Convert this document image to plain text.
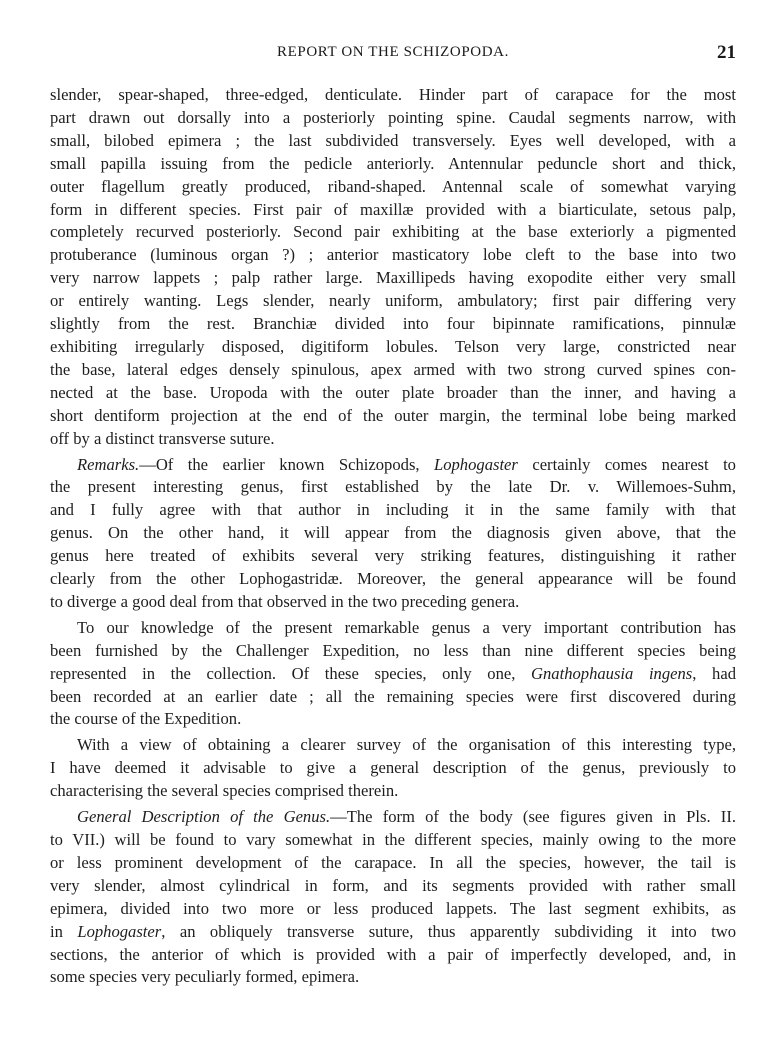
REPORT ON THE SCHIZOPODA.	21
slender, spear-shaped, three-edged, denticulate. Hinder part of carapace for the most
part drawn out dorsally into a posteriorly pointing spine. Caudal segments narrow, with
small, bilobed epimera ; the last subdivided transversely. Eyes well developed, with a
small papilla issuing from the pedicle anteriorly. Antennular peduncle short and thick,
outer flagellum greatly produced, riband-shaped. Antennal scale of somewhat varying
form in different species. First pair of maxillæ provided with a biarticulate, setous palp,
completely recurved posteriorly. Second pair exhibiting at the base exteriorly a pigmented
protuberance (luminous organ ?) ; anterior masticatory lobe cleft to the base into two
very narrow lappets ; palp rather large. Maxillipeds having exopodite either very small
or entirely wanting. Legs slender, nearly uniform, ambulatory; first pair differing very
slightly from the rest. Branchiæ divided into four bipinnate ramifications, pinnulæ
exhibiting irregularly disposed, digitiform lobules. Telson very large, constricted near
the base, lateral edges densely spinulous, apex armed with two strong curved spines con-
nected at the base. Uropoda with the outer plate broader than the inner, and having a
short dentiform projection at the end of the outer margin, the terminal lobe being marked
off by a distinct transverse suture.
Remarks.—Of the earlier known Schizopods, Lophogaster certainly comes nearest to
the present interesting genus, first established by the late Dr. v. Willemoes-Suhm,
and I fully agree with that author in including it in the same family with that
genus. On the other hand, it will appear from the diagnosis given above, that the
genus here treated of exhibits several very striking features, distinguishing it rather
clearly from the other Lophogastridæ. Moreover, the general appearance will be found
to diverge a good deal from that observed in the two preceding genera.
To our knowledge of the present remarkable genus a very important contribution has
been furnished by the Challenger Expedition, no less than nine different species being
represented in the collection. Of these species, only one, Gnathophausia ingens, had
been recorded at an earlier date ; all the remaining species were first discovered during
the course of the Expedition.
With a view of obtaining a clearer survey of the organisation of this interesting type,
I have deemed it advisable to give a general description of the genus, previously to
characterising the several species comprised therein.
General Description of the Genus.—The form of the body (see figures given in Pls. II.
to VII.) will be found to vary somewhat in the different species, mainly owing to the more
or less prominent development of the carapace. In all the species, however, the tail is
very slender, almost cylindrical in form, and its segments provided with rather small
epimera, divided into two more or less produced lappets. The last segment exhibits, as
in Lophogaster, an obliquely transverse suture, thus apparently subdividing it into two
sections, the anterior of which is provided with a pair of imperfectly developed, and, in
some species very peculiarly formed, epimera.
